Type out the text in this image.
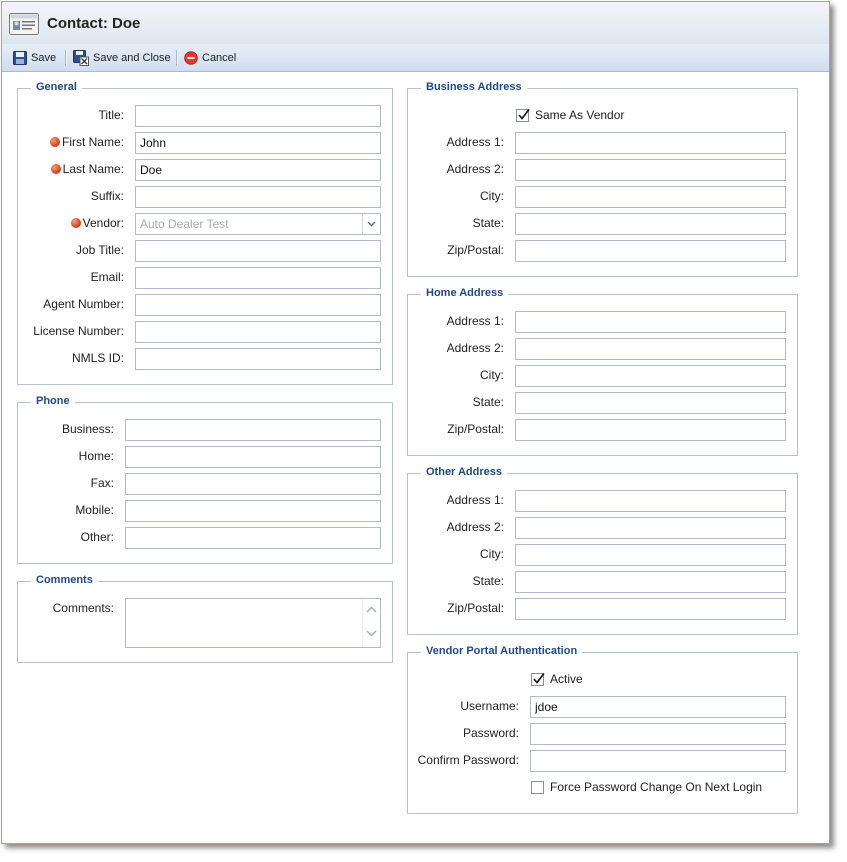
Contact: Doe
Save	Save and Close	Cancel
General
Title:
First Name:
John
Last Name:
Doe
Suffix:
Vendor:	Auto Dealer Test
Job Title:
Email:
Agent Number:
License Number:
NMLS ID:
Phone
Business:
Home:
Fax:
Mobile:
Other:
Comments
Comments:
Business Address
Same As Vendor
Address 1:
Address 2:
City:
State:
Zip/Postal:
Home Address
Address 1:
Address 2:
City:
State:
Zip/Postal:
Other Address
Address 1:
Address 2:
City:
State:
Zip/Postal:
Vendor Portal Authentication
Active
Username:
jdoe
Password:
Confirm Password:
Force Password Change On Next Login
